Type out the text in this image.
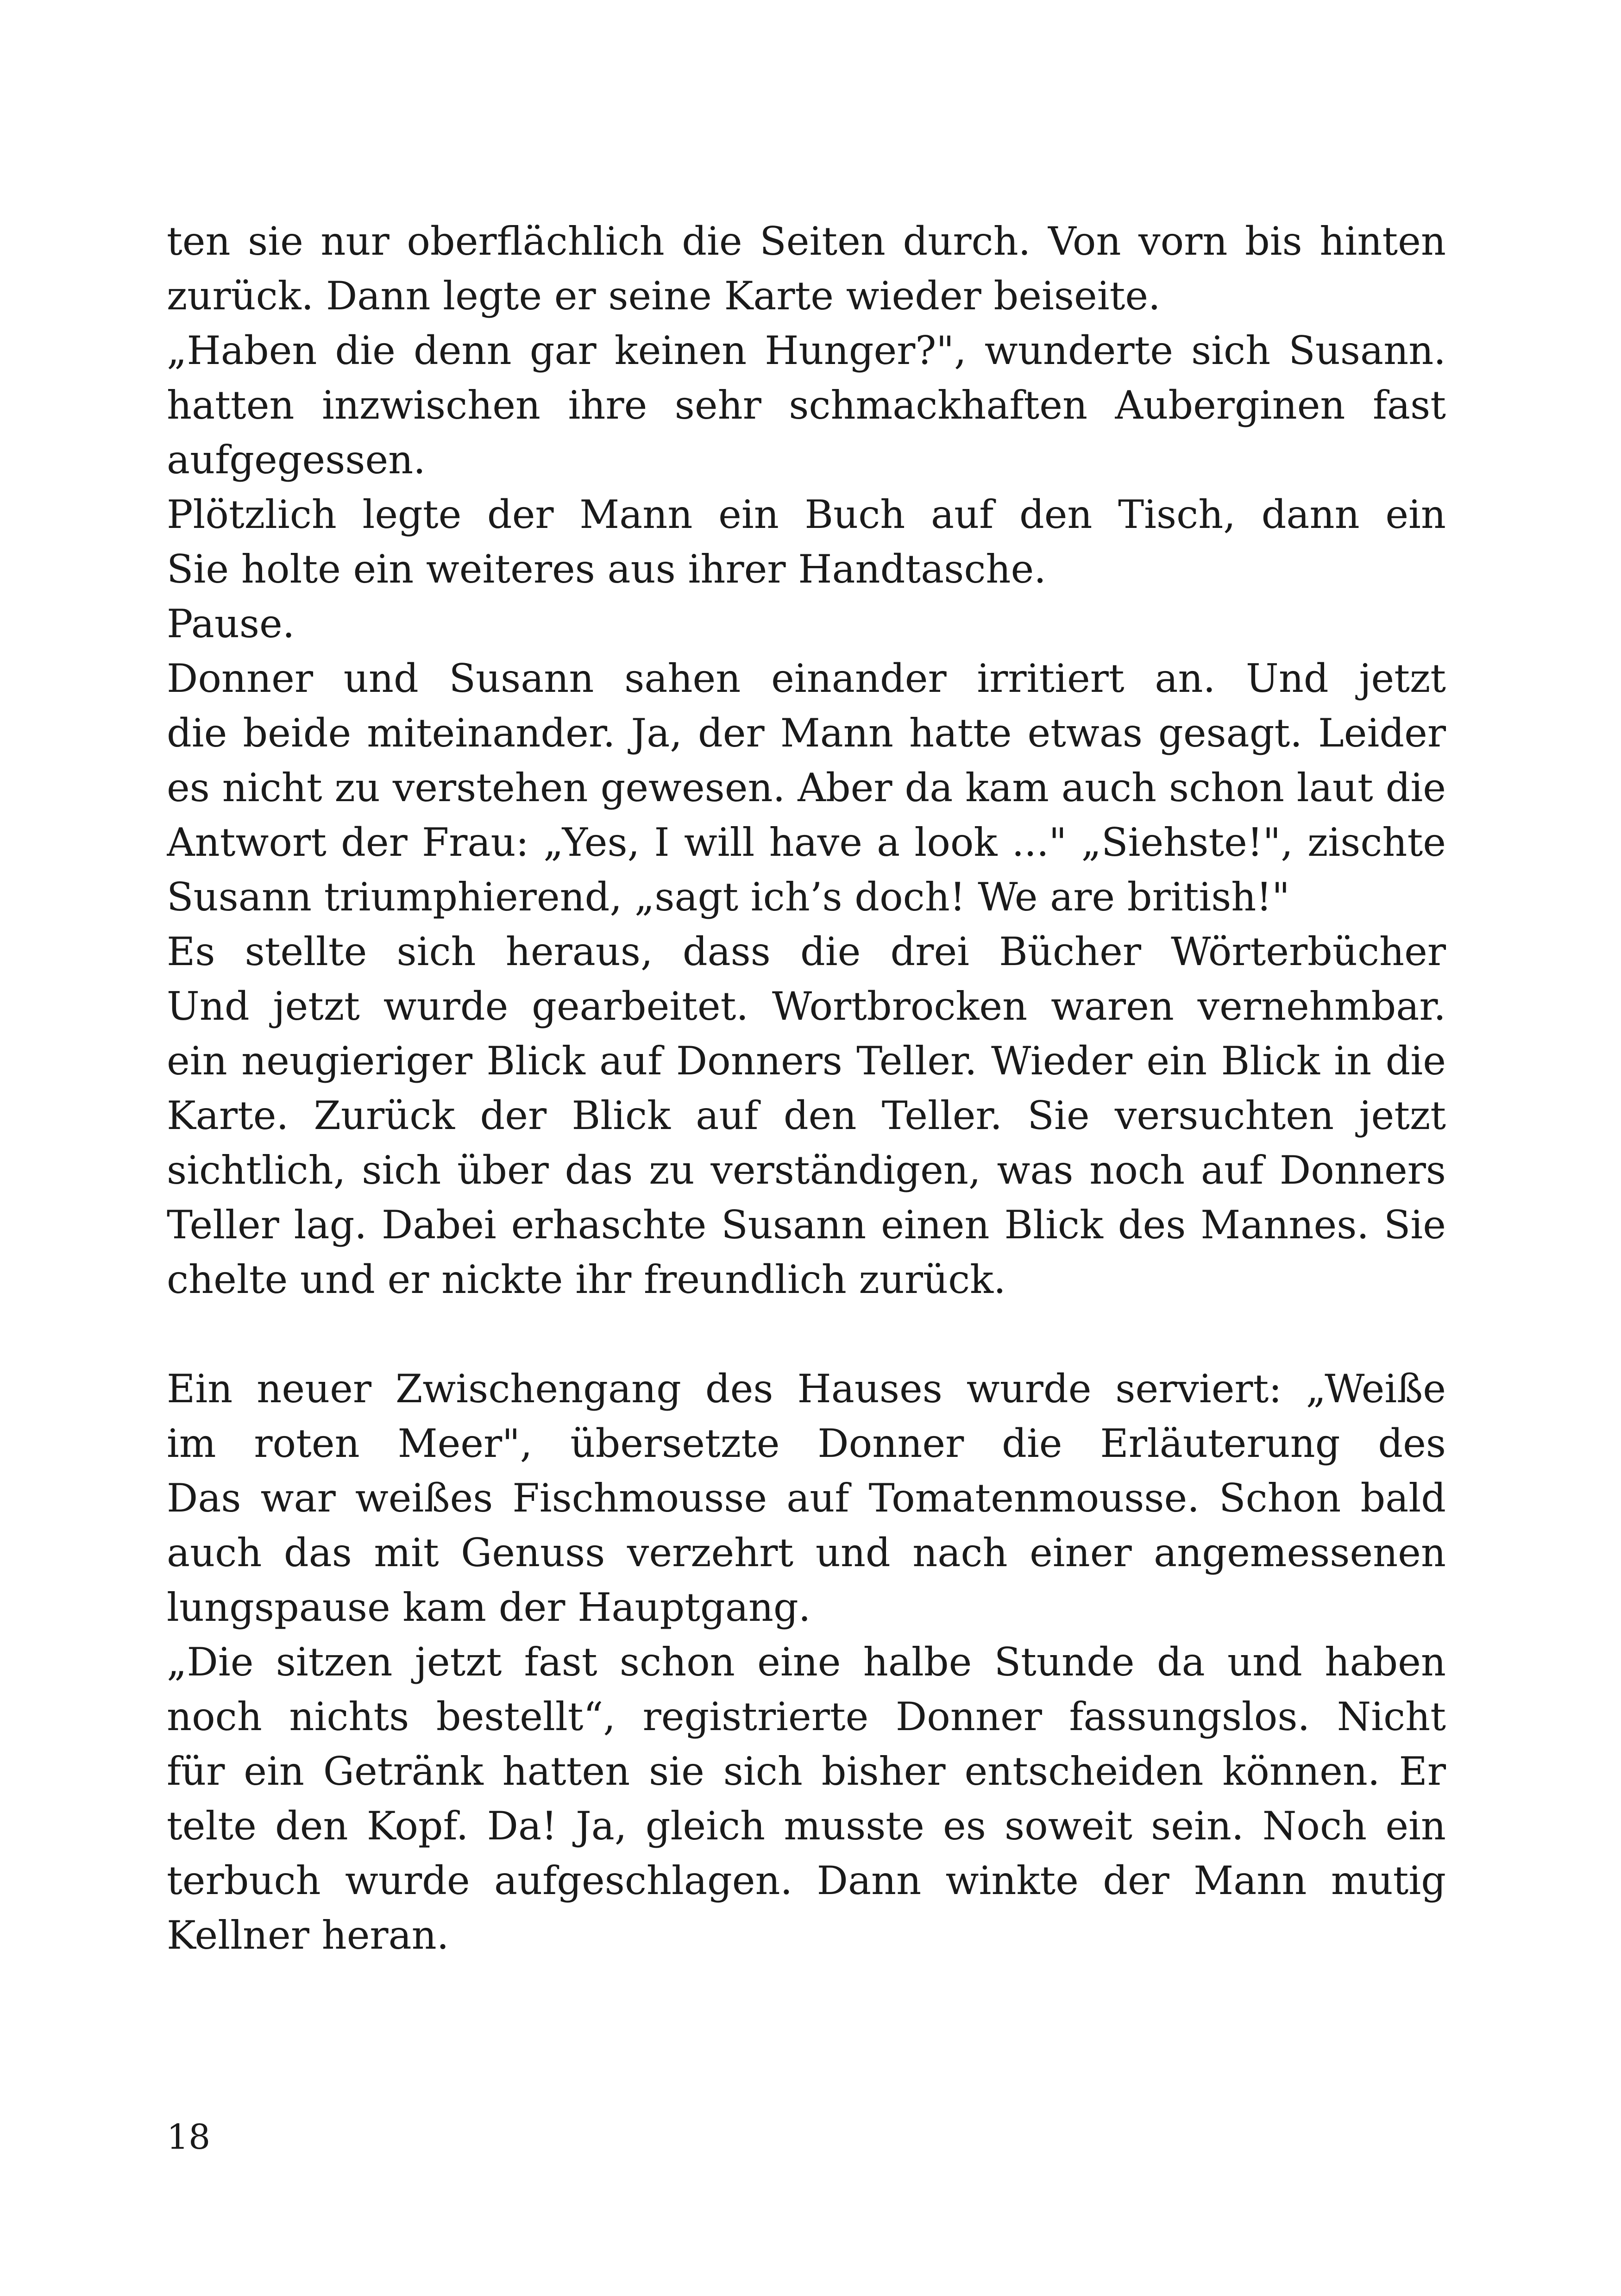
ten sie nur oberflächlich die Seiten durch. Von vorn bis hinten
zurück. Dann legte er seine Karte wieder beiseite.
„Haben die denn gar keinen Hunger?", wunderte sich Susann.
hatten inzwischen ihre sehr schmackhaften Auberginen fast
aufgegessen.
Plötzlich legte der Mann ein Buch auf den Tisch, dann ein
Sie holte ein weiteres aus ihrer Handtasche.
Pause.
Donner und Susann sahen einander irritiert an. Und jetzt
die beide miteinander. Ja, der Mann hatte etwas gesagt. Leider
es nicht zu verstehen gewesen. Aber da kam auch schon laut die
Antwort der Frau: „Yes, I will have a look ..." „Siehste!", zischte
Susann triumphierend, „sagt ich’s doch! We are british!"
Es stellte sich heraus, dass die drei Bücher Wörterbücher
Und jetzt wurde gearbeitet. Wortbrocken waren vernehmbar.
ein neugieriger Blick auf Donners Teller. Wieder ein Blick in die
Karte. Zurück der Blick auf den Teller. Sie versuchten jetzt
sichtlich, sich über das zu verständigen, was noch auf Donners
Teller lag. Dabei erhaschte Susann einen Blick des Mannes. Sie
chelte und er nickte ihr freundlich zurück.
Ein neuer Zwischengang des Hauses wurde serviert: „Weiße
im roten Meer", übersetzte Donner die Erläuterung des
Das war weißes Fischmousse auf Tomatenmousse. Schon bald
auch das mit Genuss verzehrt und nach einer angemessenen
lungspause kam der Hauptgang.
„Die sitzen jetzt fast schon eine halbe Stunde da und haben
noch nichts bestellt“, registrierte Donner fassungslos. Nicht
für ein Getränk hatten sie sich bisher entscheiden können. Er
telte den Kopf. Da! Ja, gleich musste es soweit sein. Noch ein
terbuch wurde aufgeschlagen. Dann winkte der Mann mutig
Kellner heran.
18
